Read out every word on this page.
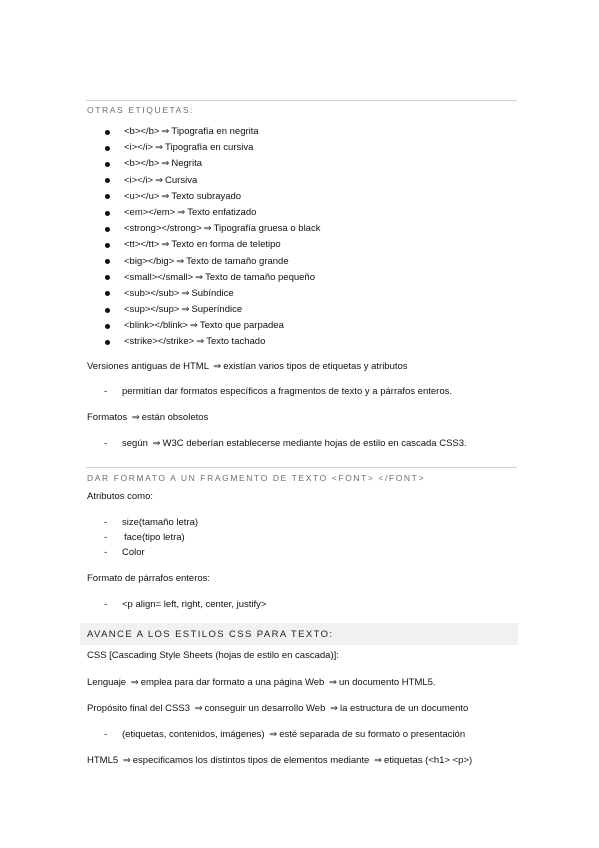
OTRAS ETIQUETAS:
<b></b> ⇒ Tipografía en negrita
<i></i> ⇒ Tipografía en cursiva
<b></b> ⇒ Negrita
<i></i> ⇒ Cursiva
<u></u> ⇒ Texto subrayado
<em></em> ⇒ Texto enfatizado
<strong></strong> ⇒ Tipografía gruesa o black
<tt></tt> ⇒ Texto en forma de teletipo
<big></big> ⇒ Texto de tamaño grande
<small></small> ⇒ Texto de tamaño pequeño
<sub></sub> ⇒ Subíndice
<sup></sup> ⇒ Superíndice
<blink></blink> ⇒ Texto que parpadea
<strike></strike> ⇒ Texto tachado
Versiones antiguas de HTML ⇒ existían varios tipos de etiquetas y atributos
- permitían dar formatos específicos a fragmentos de texto y a párrafos enteros.
Formatos ⇒ están obsoletos
- según ⇒ W3C deberían establecerse mediante hojas de estilo en cascada CSS3.
DAR FORMATO A UN FRAGMENTO DE TEXTO <FONT> </FONT>
Atributos como:
- size(tamaño letra)
- face(tipo letra)
- Color
Formato de párrafos enteros:
- <p align= left, right, center, justify>
AVANCE A LOS ESTILOS CSS PARA TEXTO:
CSS [Cascading Style Sheets (hojas de estilo en cascada)]:
Lenguaje ⇒ emplea para dar formato a una página Web ⇒ un documento HTML5.
Propósito final del CSS3 ⇒ conseguir un desarrollo Web ⇒ la estructura de un documento
- (etiquetas, contenidos, imágenes) ⇒ esté separada de su formato o presentación
HTML5 ⇒ especificamos los distintos tipos de elementos mediante ⇒ etiquetas (<h1> <p>)
